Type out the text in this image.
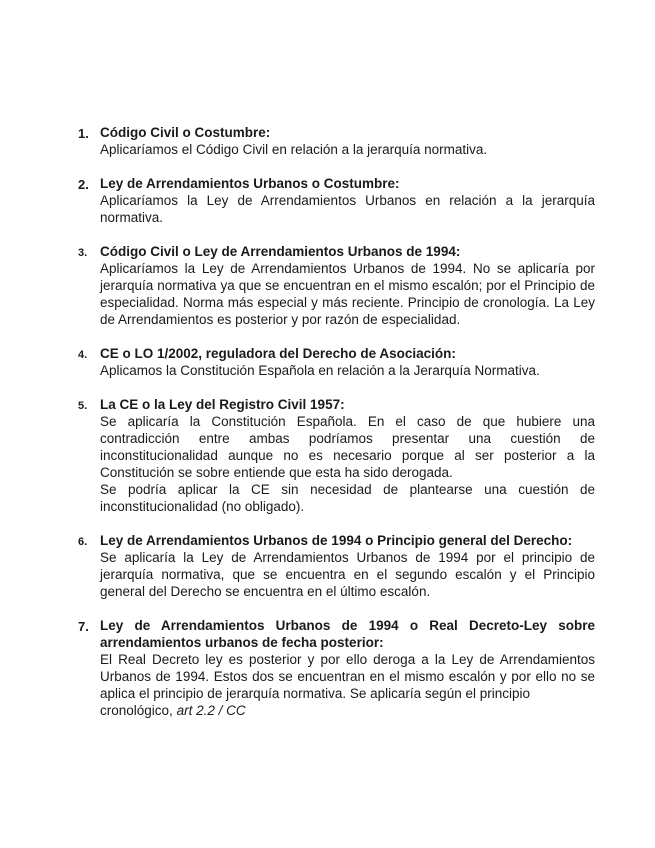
1. Código Civil o Costumbre:
Aplicaríamos el Código Civil en relación a la jerarquía normativa.
2. Ley de Arrendamientos Urbanos o Costumbre:
Aplicaríamos la Ley de Arrendamientos Urbanos en relación a la jerarquía normativa.
3. Código Civil o Ley de Arrendamientos Urbanos de 1994:
Aplicaríamos la Ley de Arrendamientos Urbanos de 1994. No se aplicaría por jerarquía normativa ya que se encuentran en el mismo escalón; por el Principio de especialidad. Norma más especial y más reciente. Principio de cronología. La Ley de Arrendamientos es posterior y por razón de especialidad.
4. CE o LO 1/2002, reguladora del Derecho de Asociación:
Aplicamos la Constitución Española en relación a la Jerarquía Normativa.
5. La CE o la Ley del Registro Civil 1957:
Se aplicaría la Constitución Española. En el caso de que hubiere una contradicción entre ambas podríamos presentar una cuestión de inconstitucionalidad aunque no es necesario porque al ser posterior a la Constitución se sobre entiende que esta ha sido derogada.
Se podría aplicar la CE sin necesidad de plantearse una cuestión de inconstitucionalidad (no obligado).
6. Ley de Arrendamientos Urbanos de 1994 o Principio general del Derecho:
Se aplicaría la Ley de Arrendamientos Urbanos de 1994 por el principio de jerarquía normativa, que se encuentra en el segundo escalón y el Principio general del Derecho se encuentra en el último escalón.
7. Ley de Arrendamientos Urbanos de 1994 o Real Decreto-Ley sobre arrendamientos urbanos de fecha posterior:
El Real Decreto ley es posterior y por ello deroga a la Ley de Arrendamientos Urbanos de 1994. Estos dos se encuentran en el mismo escalón y por ello no se aplica el principio de jerarquía normativa. Se aplicaría según el principio
cronológico, art 2.2 / CC
